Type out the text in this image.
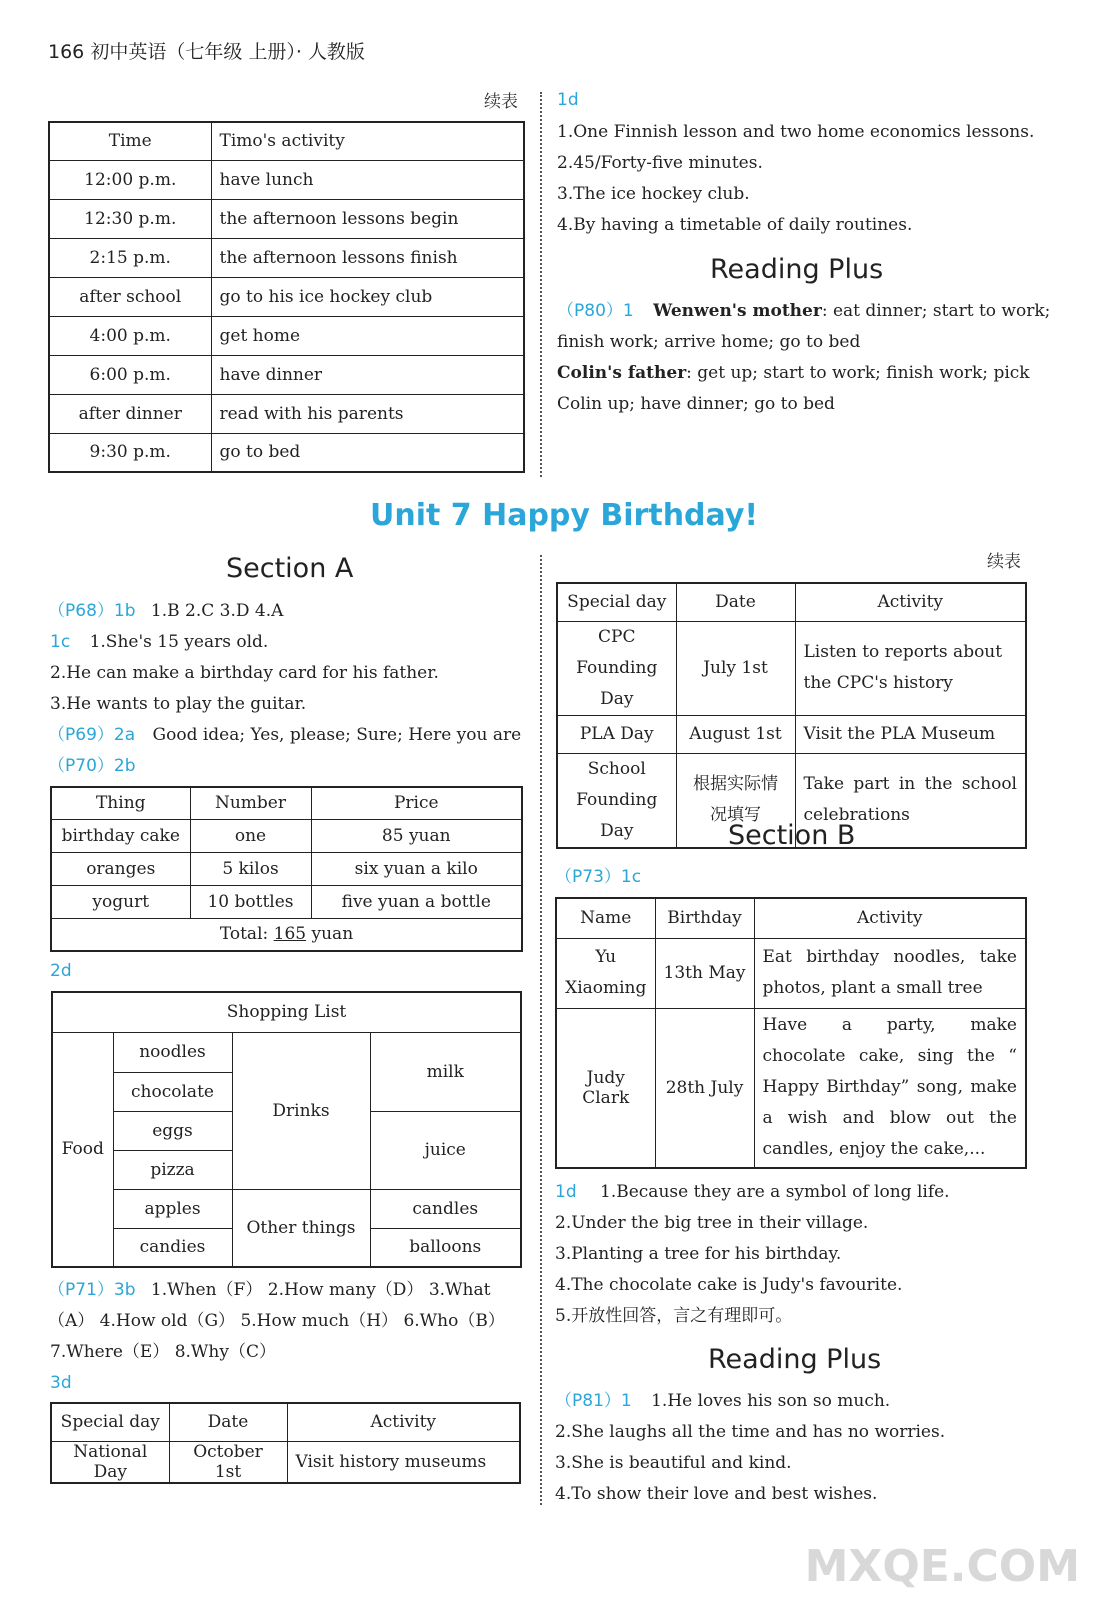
166 初中英语（七年级 上册）· 人教版
续表
Time	Timo's activity
12:00 p.m.	have lunch
12:30 p.m.	the afternoon lessons begin
2:15 p.m.	the afternoon lessons finish
after school	go to his ice hockey club
4:00 p.m.	get home
6:00 p.m.	have dinner
after dinner	read with his parents
9:30 p.m.	go to bed
1d
1.One Finnish lesson and two home economics lessons.
2.45/Forty-five minutes.
3.The ice hockey club.
4.By having a timetable of daily routines.
Reading Plus
（P80）1 Wenwen's mother: eat dinner; start to work;
finish work; arrive home; go to bed
Colin's father: get up; start to work; finish work; pick
Colin up; have dinner; go to bed
Unit 7 Happy Birthday!
Section A
（P68）1b 1.B 2.C 3.D 4.A
1c 1.She's 15 years old.
2.He can make a birthday card for his father.
3.He wants to play the guitar.
（P69）2a Good idea; Yes, please; Sure; Here you are
（P70）2b
Thing	Number	Price
birthday cake	one	85 yuan
oranges	5 kilos	six yuan a kilo
yogurt	10 bottles	five yuan a bottle
Total: 165 yuan		
2d
Shopping List			
Food	noodles	Drinks	milk
	chocolate		
	eggs		juice
	pizza		
	apples	Other things	candles
	candies		balloons
（P71）3b 1.When（F） 2.How many（D） 3.What
（A） 4.How old（G） 5.How much（H） 6.Who（B）
7.Where（E） 8.Why（C）
3d
Special day	Date	Activity
National Day	October 1st	Visit history museums
续表
Special day	Date	Activity
CPC Founding Day	July 1st	Listen to reports about the CPC's history
PLA Day	August 1st	Visit the PLA Museum
School Founding Day	根据实际情况填写	Take part in the school celebrations
Section B
（P73）1c
Name	Birthday	Activity
Yu Xiaoming	13th May	Eat birthday noodles, take photos, plant a small tree
Judy Clark	28th July	Have a party, make chocolate cake, sing the “ Happy Birthday” song, make a wish and blow out the candles, enjoy the cake,...
1d 1.Because they are a symbol of long life.
2.Under the big tree in their village.
3.Planting a tree for his birthday.
4.The chocolate cake is Judy's favourite.
5.开放性回答，言之有理即可。
Reading Plus
（P81）1 1.He loves his son so much.
2.She laughs all the time and has no worries.
3.She is beautiful and kind.
4.To show their love and best wishes.
MXQE.COM
